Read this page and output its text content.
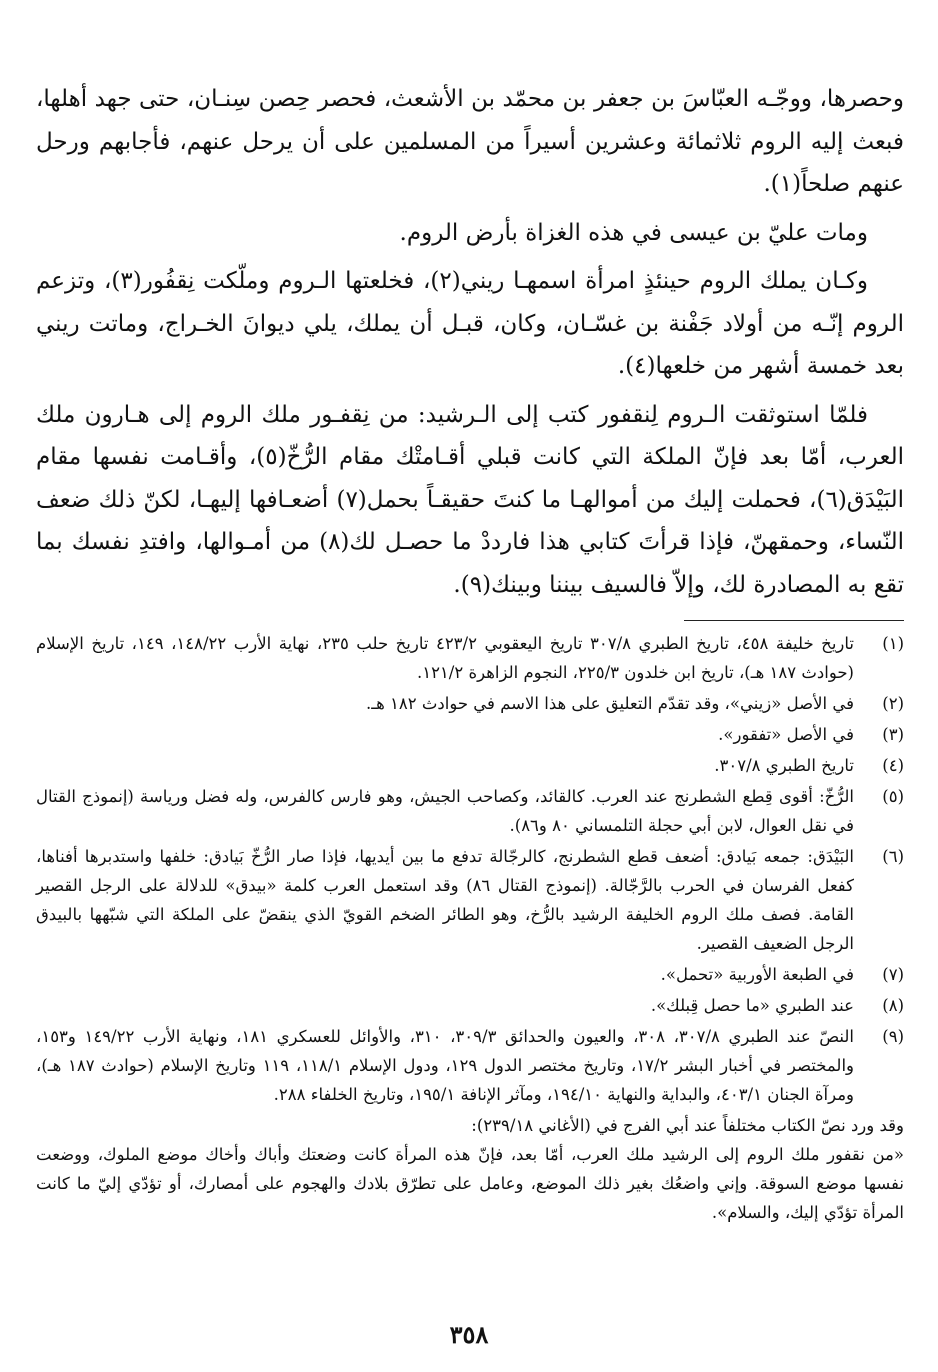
وحصرها، ووجّـه العبّاسَ بن جعفر بن محمّد بن الأشعث، فحصر حِصن سِنـان، حتى جهد أهلها، فبعث إليه الروم ثلاثمائة وعشرين أسيراً من المسلمين على أن يرحل عنهم، فأجابهم ورحل عنهم صلحاً(١).

ومات عليّ بن عيسى في هذه الغزاة بأرض الروم.

وكـان يملك الروم حينئذٍ امرأة اسمهـا ريني(٢)، فخلعتها الـروم وملّكت نِقفُور(٣)، وتزعم الروم إنّـه من أولاد جَفْنة بن غسّـان، وكان، قبـل أن يملك، يلي ديوانَ الخـراج، وماتت ريني بعد خمسة أشهر من خلعها(٤).

فلمّا استوثقت الـروم لِنقفور كتب إلى الـرشيد: من نِقفـور ملك الروم إلى هـارون ملك العرب، أمّا بعد فإنّ الملكة التي كانت قبلي أقـامتْك مقام الرُّخّ(٥)، وأقـامت نفسها مقام البَيْدَق(٦)، فحملت إليك من أموالهـا ما كنتَ حقيقـاً بحمل(٧) أضعـافها إليهـا، لكنّ ذلك ضعف النّساء، وحمقهنّ، فإذا قرأتَ كتابي هذا فارددْ ما حصـل لك(٨) من أمـوالها، وافتدِ نفسك بما تقع به المصادرة لك، وإلاّ فالسيف بيننا وبينك(٩).

(١)
تاريخ خليفة ٤٥٨، تاريخ الطبري ٣٠٧/٨ تاريخ اليعقوبي ٤٢٣/٢ تاريخ حلب ٢٣٥، نهاية الأرب ١٤٨/٢٢، ١٤٩، تاريخ الإسلام (حوادث ١٨٧ هـ)، تاريخ ابن خلدون ٢٢٥/٣، النجوم الزاهرة ١٢١/٢.
(٢)
في الأصل «زيني»، وقد تقدّم التعليق على هذا الاسم في حوادث ١٨٢ هـ.
(٣)
في الأصل «تفقور».
(٤)
تاريخ الطبري ٣٠٧/٨.
(٥)
الرُّخّ: أقوى قِطع الشطرنج عند العرب. كالقائد، وكصاحب الجيش، وهو فارس كالفرس، وله فضل ورياسة (إنموذج القتال في نقل العوال، لابن أبي حجلة التلمساني ٨٠ و٨٦).
(٦)
البَيْدَق: جمعه بَيادق: أضعف قطع الشطرنج، كالرجّالة تدفع ما بين أيديها، فإذا صار الرُّخّ بَيادق: خلفها واستدبرها أفناها، كفعل الفرسان في الحرب بالرَّجّالة. (إنموذج القتال ٨٦) وقد استعمل العرب كلمة «بيدق» للدلالة على الرجل القصير القامة. فصف ملك الروم الخليفة الرشيد بالرُّخ، وهو الطائر الضخم القويّ الذي ينقضّ على الملكة التي شبّهها بالبيدق الرجل الضعيف القصير.
(٧)
في الطبعة الأوربية «تحمل».
(٨)
عند الطبري «ما حصل قِبلك».
(٩)
النصّ عند الطبري ٣٠٧/٨، ٣٠٨، والعيون والحدائق ٣٠٩/٣، ٣١٠، والأوائل للعسكري ١٨١، ونهاية الأرب ١٤٩/٢٢ و١٥٣، والمختصر في أخبار البشر ١٧/٢، وتاريخ مختصر الدول ١٢٩، ودول الإسلام ١١٨/١، ١١٩ وتاريخ الإسلام (حوادث ١٨٧ هـ)، ومرآة الجنان ٤٠٣/١، والبداية والنهاية ١٩٤/١٠، ومآثر الإنافة ١٩٥/١، وتاريخ الخلفاء ٢٨٨.

وقد ورد نصّ الكتاب مختلفاً عند أبي الفرج في (الأغاني ٢٣٩/١٨):

«من نقفور ملك الروم إلى الرشيد ملك العرب، أمّا بعد، فإنّ هذه المرأة كانت وضعتك وأباك وأخاك موضع الملوك، ووضعت نفسها موضع السوقة. وإني واضعُك بغير ذلك الموضع، وعامل على تطرّق بلادك والهجوم على أمصارك، أو تؤدّي إليّ ما كانت المرأة تؤدّي إليك، والسلام».

٣٥٨
